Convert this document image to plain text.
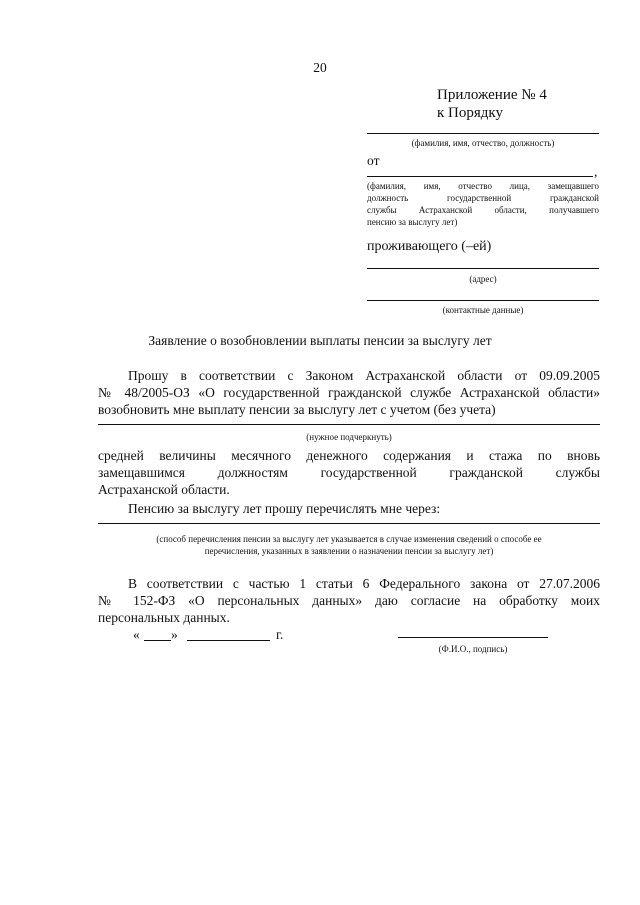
20
Приложение № 4
к Порядку
(фамилия, имя, отчество, должность)
от
,
(фамилия, имя, отчество лица, замещавшего
должность государственной гражданской
службы Астраханской области, получавшего
пенсию за выслугу лет)
проживающего (–ей)
(адрес)
(контактные данные)
Заявление о возобновлении выплаты пенсии за выслугу лет
Прошу в соответствии с Законом Астраханской области от 09.09.2005
№ 48/2005-ОЗ «О государственной гражданской службе Астраханской области»
возобновить мне выплату пенсии за выслугу лет с учетом (без учета)
(нужное подчеркнуть)
средней величины месячного денежного содержания и стажа по вновь
замещавшимся должностям государственной гражданской службы
Астраханской области.
Пенсию за выслугу лет прошу перечислять мне через:
(способ перечисления пенсии за выслугу лет указывается в случае изменения сведений о способе ее
перечисления, указанных в заявлении о назначении пенсии за выслугу лет)
В соответствии с частью 1 статьи 6 Федерального закона от 27.07.2006
№ 152-ФЗ «О персональных данных» даю согласие на обработку моих
персональных данных.
« »	г.
(Ф.И.О., подпись)
